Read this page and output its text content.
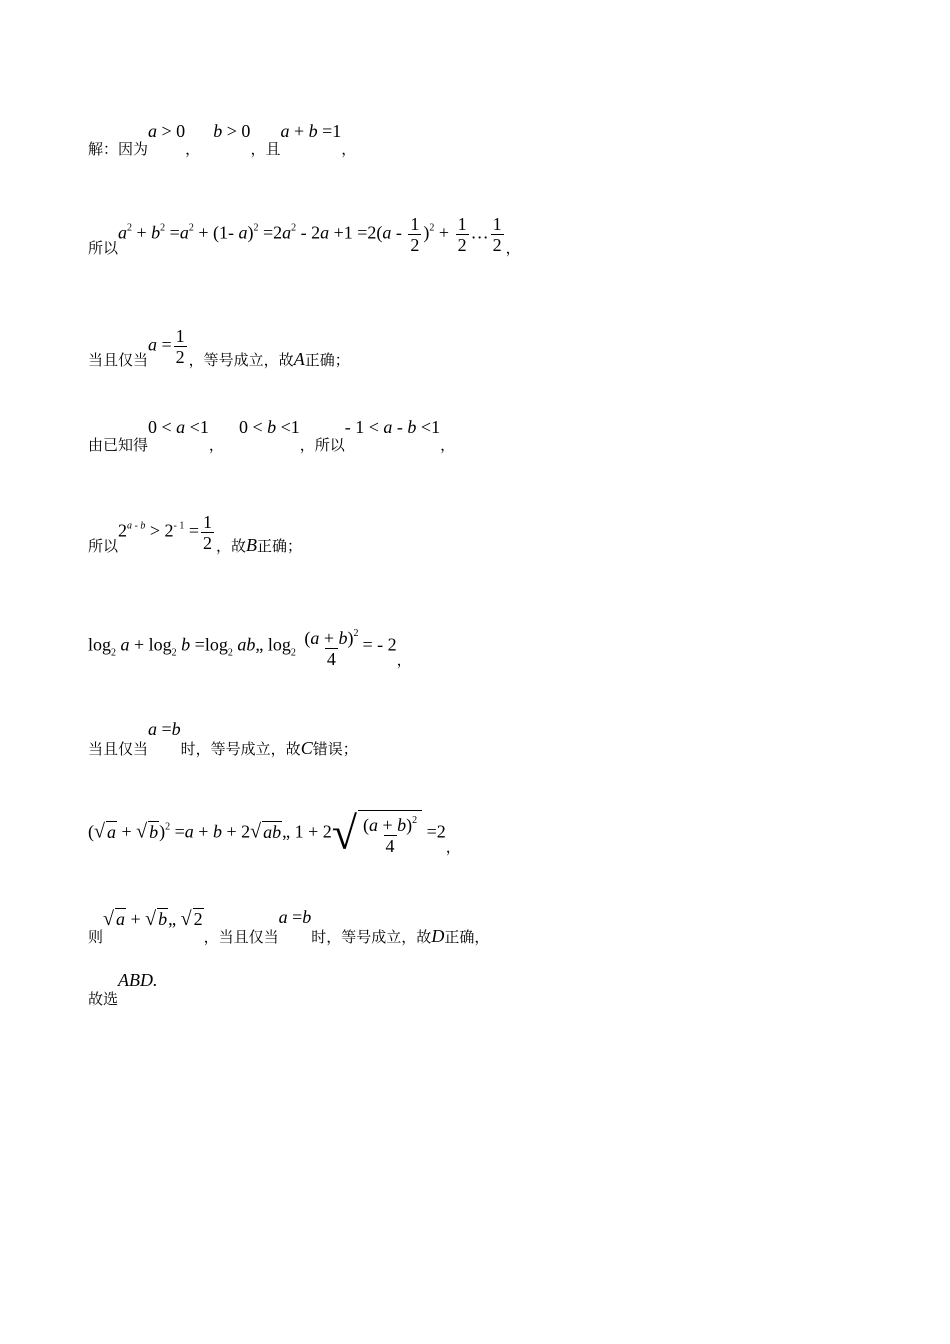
解：因为a > 0， b > 0，且a + b =1，
所以$a^2 + b^2 =a^2 + (1-$ $a)^2 =2a^2 - 2a +1 =2(a - \frac{1}{2} )^2 + \frac{1}{2}$ … $\frac{1}{2}$ ，
当且仅当$a = \frac{1}{2}$ ，等号成立，故A正确；
由已知得0 < a <1， 0 < b <1，所以- 1 < a - b <1，
所以$2^{a - b} > 2^{- 1} = \frac{1}{2}$ ，故B正确；
$\log_2 a + \log_2 b =\log_2$ ab„ $\log_2 \frac{(a + b)^2}{4}$ = - 2，
当且仅当a =b时，等号成立，故C错误；
(√ a + √ b)$^2$ =a + b + 2√ ab„ $1 + 2√ \frac{(a + b)^2}{4} =2$，
则√ a + √ b„ √ 2，当且仅当a =b时，等号成立，故D正确，
故选ABD.
